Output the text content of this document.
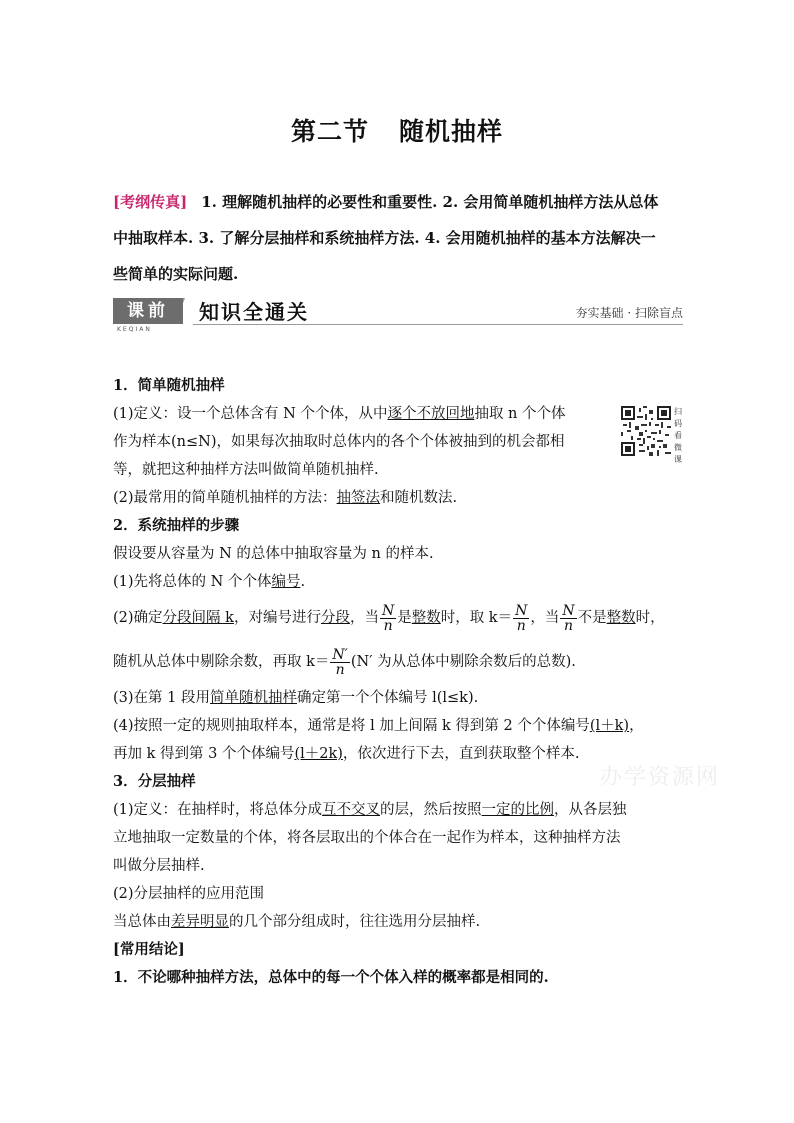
第二节 随机抽样
[考纲传真] 1. 理解随机抽样的必要性和重要性. 2. 会用简单随机抽样方法从总体
中抽取样本. 3. 了解分层抽样和系统抽样方法. 4. 会用随机抽样的基本方法解决一
些简单的实际问题.
课前
KEQIAN
知识全通关	夯实基础 · 扫除盲点
扫码看微课
办学资源网
1．简单随机抽样
(1)定义：设一个总体含有 N 个个体，从中逐个不放回地抽取 n 个个体
作为样本(n≤N)，如果每次抽取时总体内的各个个体被抽到的机会都相
等，就把这种抽样方法叫做简单随机抽样.
(2)最常用的简单随机抽样的方法：抽签法和随机数法.
2．系统抽样的步骤
假设要从容量为 N 的总体中抽取容量为 n 的样本.
(1)先将总体的 N 个个体编号.
(2)确定分段间隔 k，对编号进行分段，当 $\frac{N}{n}$ 是整数时，取 $k= \frac{N}{n}$ ，当 $\frac{N}{n}$ 不是整数时，
随机从总体中剔除余数，再取 $k= \frac{N'}{n} (N'$ 为从总体中剔除余数后的总数).
(3)在第 1 段用简单随机抽样确定第一个个体编号 l(l≤k).
(4)按照一定的规则抽取样本，通常是将 l 加上间隔 k 得到第 2 个个体编号(l＋k)，
再加 k 得到第 3 个个体编号(l＋2k)，依次进行下去，直到获取整个样本.
3．分层抽样
(1)定义：在抽样时，将总体分成互不交叉的层，然后按照一定的比例，从各层独
立地抽取一定数量的个体，将各层取出的个体合在一起作为样本，这种抽样方法
叫做分层抽样.
(2)分层抽样的应用范围
当总体由差异明显的几个部分组成时，往往选用分层抽样.
[常用结论]
1．不论哪种抽样方法，总体中的每一个个体入样的概率都是相同的.
